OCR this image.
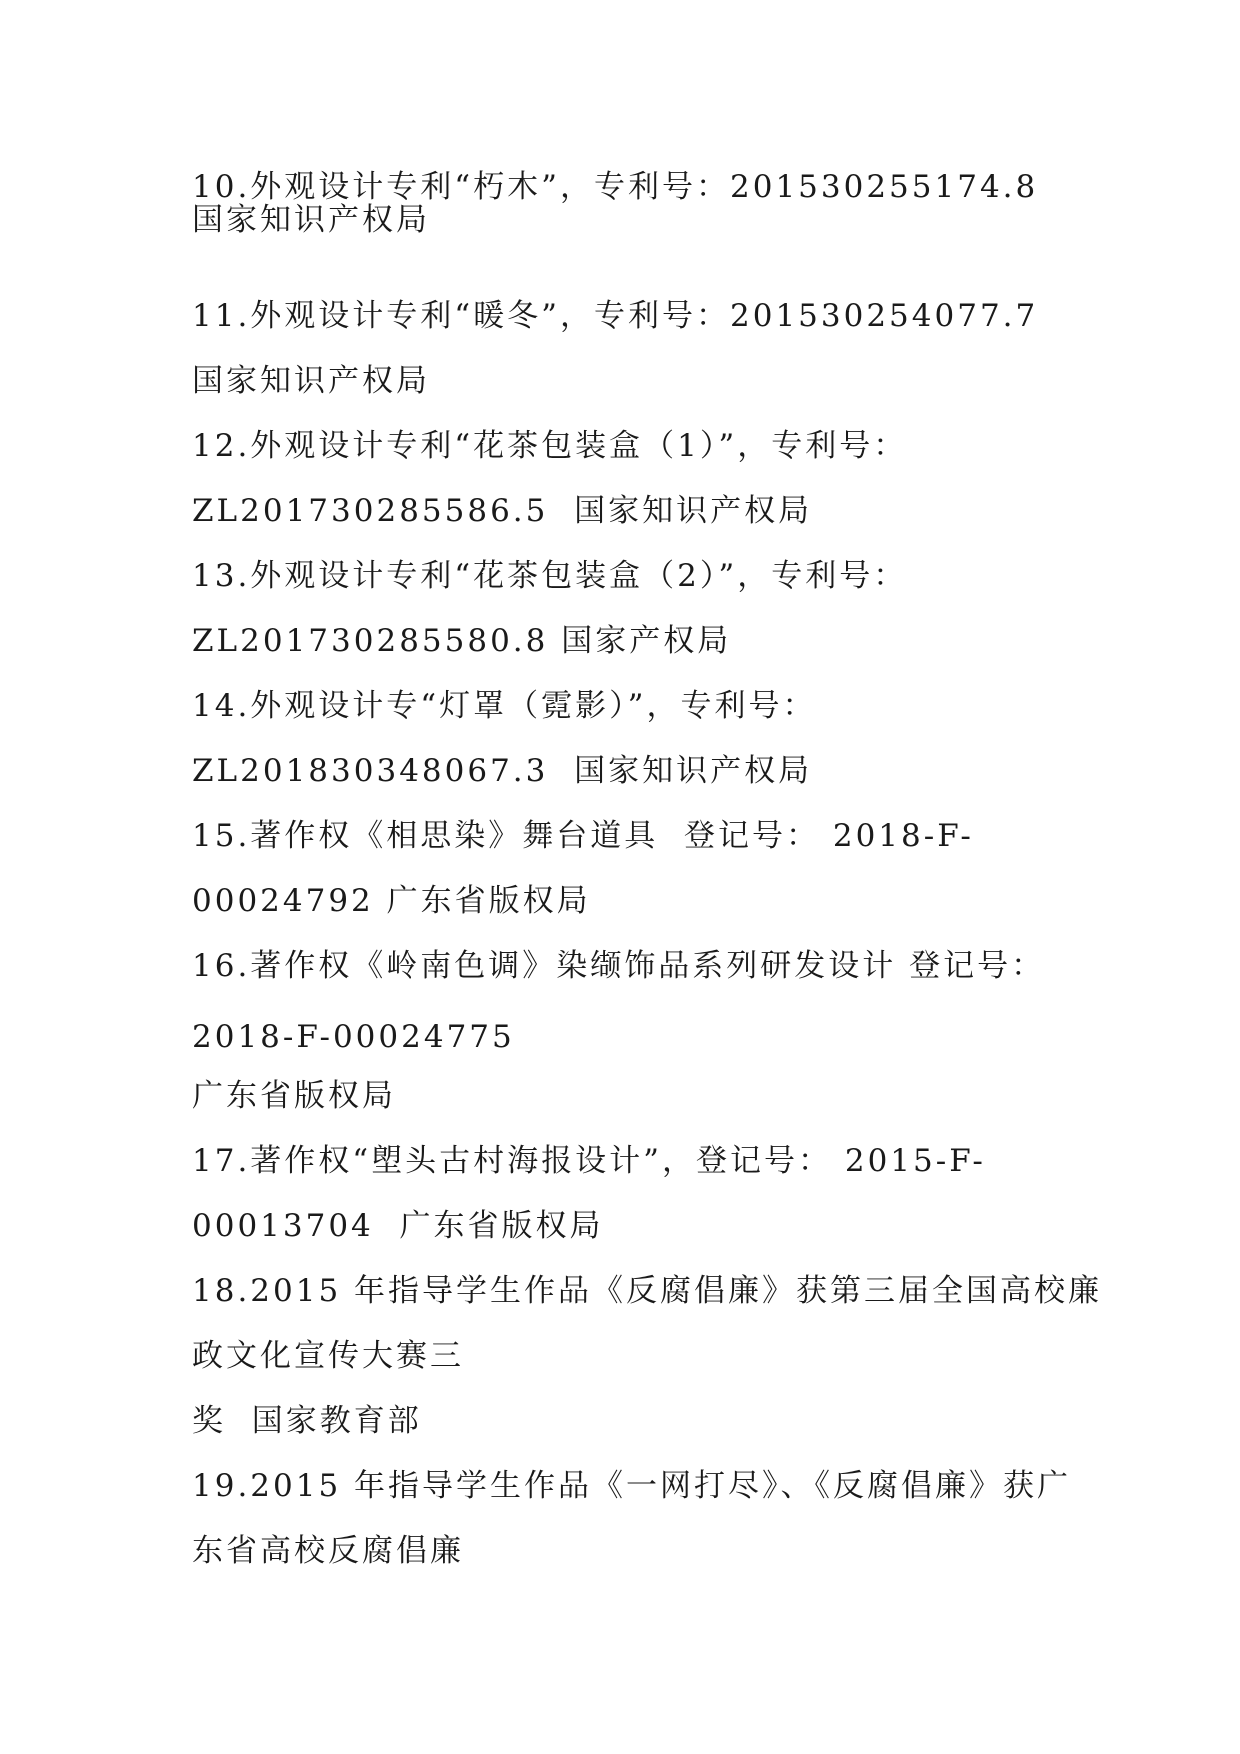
10.外观设计专利“朽木”，专利号：201530255174.8
国家知识产权局
11.外观设计专利“暖冬”，专利号：201530254077.7
国家知识产权局
12.外观设计专利“花茶包装盒（1）”，专利号：
ZL201730285586.5  国家知识产权局
13.外观设计专利“花茶包装盒（2）”，专利号：
ZL201730285580.8 国家产权局
14.外观设计专“灯罩（霓影）”，专利号：
ZL201830348067.3  国家知识产权局
15.著作权《相思染》舞台道具  登记号： 2018-F-
00024792 广东省版权局
16.著作权《岭南色调》染缬饰品系列研发设计 登记号：
2018-F-00024775
广东省版权局
17.著作权“塱头古村海报设计”，登记号： 2015-F-
00013704  广东省版权局
18.2015 年指导学生作品《反腐倡廉》获第三届全国高校廉
政文化宣传大赛三
奖  国家教育部
19.2015 年指导学生作品《一网打尽》、《反腐倡廉》获广
东省高校反腐倡廉
